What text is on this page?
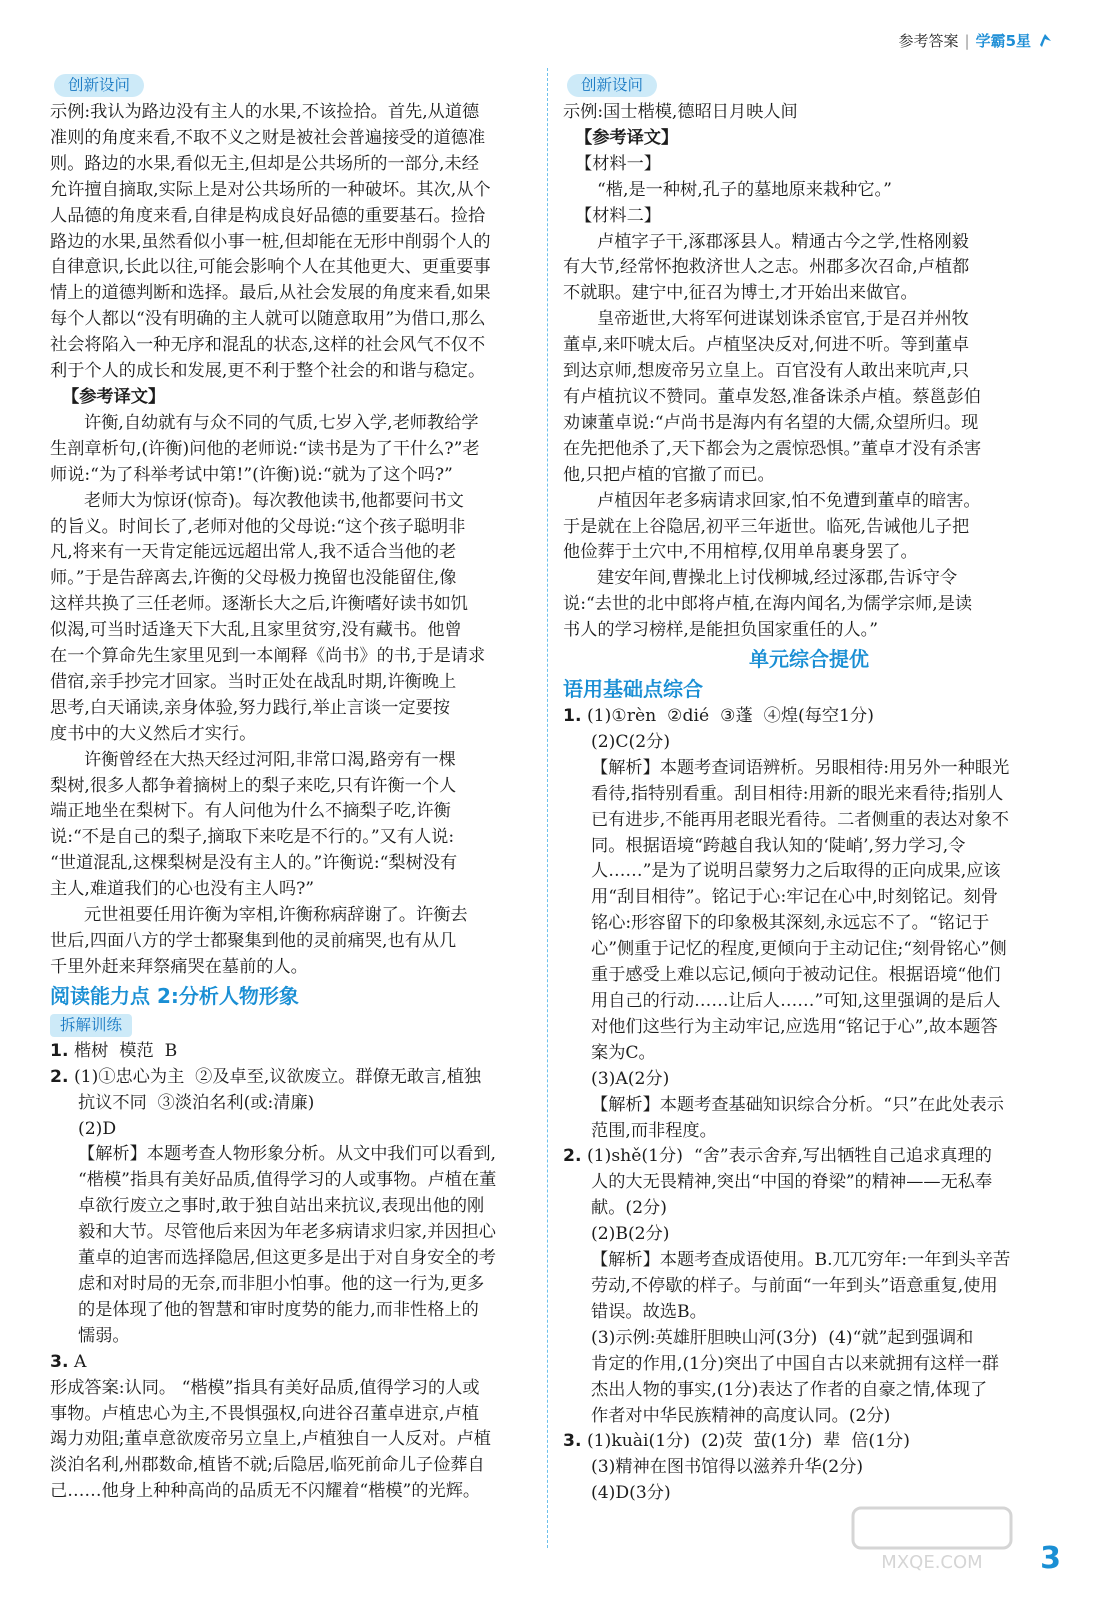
参考答案 | 学霸5星
创新设问
示例:我认为路边没有主人的水果,不该捡拾。首先,从道德
准则的角度来看,不取不义之财是被社会普遍接受的道德准
则。路边的水果,看似无主,但却是公共场所的一部分,未经
允许擅自摘取,实际上是对公共场所的一种破坏。其次,从个
人品德的角度来看,自律是构成良好品德的重要基石。捡拾
路边的水果,虽然看似小事一桩,但却能在无形中削弱个人的
自律意识,长此以往,可能会影响个人在其他更大、更重要事
情上的道德判断和选择。最后,从社会发展的角度来看,如果
每个人都以“没有明确的主人就可以随意取用”为借口,那么
社会将陷入一种无序和混乱的状态,这样的社会风气不仅不
利于个人的成长和发展,更不利于整个社会的和谐与稳定。
【参考译文】
许衡,自幼就有与众不同的气质,七岁入学,老师教给学
生剖章析句,(许衡)问他的老师说:“读书是为了干什么?”老
师说:“为了科举考试中第!”(许衡)说:“就为了这个吗?”
老师大为惊讶(惊奇)。每次教他读书,他都要问书文
的旨义。时间长了,老师对他的父母说:“这个孩子聪明非
凡,将来有一天肯定能远远超出常人,我不适合当他的老
师。”于是告辞离去,许衡的父母极力挽留也没能留住,像
这样共换了三任老师。逐渐长大之后,许衡嗜好读书如饥
似渴,可当时适逢天下大乱,且家里贫穷,没有藏书。他曾
在一个算命先生家里见到一本阐释《尚书》的书,于是请求
借宿,亲手抄完才回家。当时正处在战乱时期,许衡晚上
思考,白天诵读,亲身体验,努力践行,举止言谈一定要按
度书中的大义然后才实行。
许衡曾经在大热天经过河阳,非常口渴,路旁有一棵
梨树,很多人都争着摘树上的梨子来吃,只有许衡一个人
端正地坐在梨树下。有人问他为什么不摘梨子吃,许衡
说:“不是自己的梨子,摘取下来吃是不行的。”又有人说:
“世道混乱,这棵梨树是没有主人的。”许衡说:“梨树没有
主人,难道我们的心也没有主人吗?”
元世祖要任用许衡为宰相,许衡称病辞谢了。许衡去
世后,四面八方的学士都聚集到他的灵前痛哭,也有从几
千里外赶来拜祭痛哭在墓前的人。
阅读能力点 2:分析人物形象
拆解训练
1. 楷树  模范  B
2. (1)①忠心为主  ②及卓至,议欲废立。群僚无敢言,植独
抗议不同  ③淡泊名利(或:清廉)
(2)D
【解析】本题考查人物形象分析。从文中我们可以看到,
“楷模”指具有美好品质,值得学习的人或事物。卢植在董
卓欲行废立之事时,敢于独自站出来抗议,表现出他的刚
毅和大节。尽管他后来因为年老多病请求归家,并因担心
董卓的迫害而选择隐居,但这更多是出于对自身安全的考
虑和对时局的无奈,而非胆小怕事。他的这一行为,更多
的是体现了他的智慧和审时度势的能力,而非性格上的
懦弱。
3. A
形成答案:认同。 “楷模”指具有美好品质,值得学习的人或
事物。卢植忠心为主,不畏惧强权,向进谷召董卓进京,卢植
竭力劝阻;董卓意欲废帝另立皇上,卢植独自一人反对。卢植
淡泊名利,州郡数命,植皆不就;后隐居,临死前命儿子俭葬自
己……他身上种种高尚的品质无不闪耀着“楷模”的光辉。
创新设问
示例:国士楷模,德昭日月映人间
【参考译文】
【材料一】
“楷,是一种树,孔子的墓地原来栽种它。”
【材料二】
卢植字子干,涿郡涿县人。精通古今之学,性格刚毅
有大节,经常怀抱救济世人之志。州郡多次召命,卢植都
不就职。建宁中,征召为博士,才开始出来做官。
皇帝逝世,大将军何进谋划诛杀宦官,于是召并州牧
董卓,来吓唬太后。卢植坚决反对,何进不听。等到董卓
到达京师,想废帝另立皇上。百官没有人敢出来吭声,只
有卢植抗议不赞同。董卓发怒,准备诛杀卢植。蔡邕彭伯
劝谏董卓说:“卢尚书是海内有名望的大儒,众望所归。现
在先把他杀了,天下都会为之震惊恐惧。”董卓才没有杀害
他,只把卢植的官撤了而已。
卢植因年老多病请求回家,怕不免遭到董卓的暗害。
于是就在上谷隐居,初平三年逝世。临死,告诫他儿子把
他俭葬于土穴中,不用棺椁,仅用单帛裹身罢了。
建安年间,曹操北上讨伐柳城,经过涿郡,告诉守令
说:“去世的北中郎将卢植,在海内闻名,为儒学宗师,是读
书人的学习榜样,是能担负国家重任的人。”
单元综合提优
语用基础点综合
1. (1)①rèn  ②dié  ③蓬  ④煌(每空1分)
(2)C(2分)
【解析】本题考查词语辨析。另眼相待:用另外一种眼光
看待,指特别看重。刮目相待:用新的眼光来看待;指别人
已有进步,不能再用老眼光看待。二者侧重的表达对象不
同。根据语境“跨越自我认知的‘陡峭’,努力学习,令
人……”是为了说明吕蒙努力之后取得的正向成果,应该
用“刮目相待”。铭记于心:牢记在心中,时刻铭记。刻骨
铭心:形容留下的印象极其深刻,永远忘不了。“铭记于
心”侧重于记忆的程度,更倾向于主动记住;“刻骨铭心”侧
重于感受上难以忘记,倾向于被动记住。根据语境“他们
用自己的行动……让后人……”可知,这里强调的是后人
对他们这些行为主动牢记,应选用“铭记于心”,故本题答
案为C。
(3)A(2分)
【解析】本题考查基础知识综合分析。“只”在此处表示
范围,而非程度。
2. (1)shě(1分)  “舍”表示舍弃,写出牺牲自己追求真理的
人的大无畏精神,突出“中国的脊梁”的精神——无私奉
献。(2分)
(2)B(2分)
【解析】本题考查成语使用。B.兀兀穷年:一年到头辛苦
劳动,不停歇的样子。与前面“一年到头”语意重复,使用
错误。故选B。
(3)示例:英雄肝胆映山河(3分)  (4)“就”起到强调和
肯定的作用,(1分)突出了中国自古以来就拥有这样一群
杰出人物的事实,(1分)表达了作者的自豪之情,体现了
作者对中华民族精神的高度认同。(2分)
3. (1)kuài(1分)  (2)荧  萤(1分)  辈  倍(1分)
(3)精神在图书馆得以滋养升华(2分)
(4)D(3分)
MXQE.COM 3
